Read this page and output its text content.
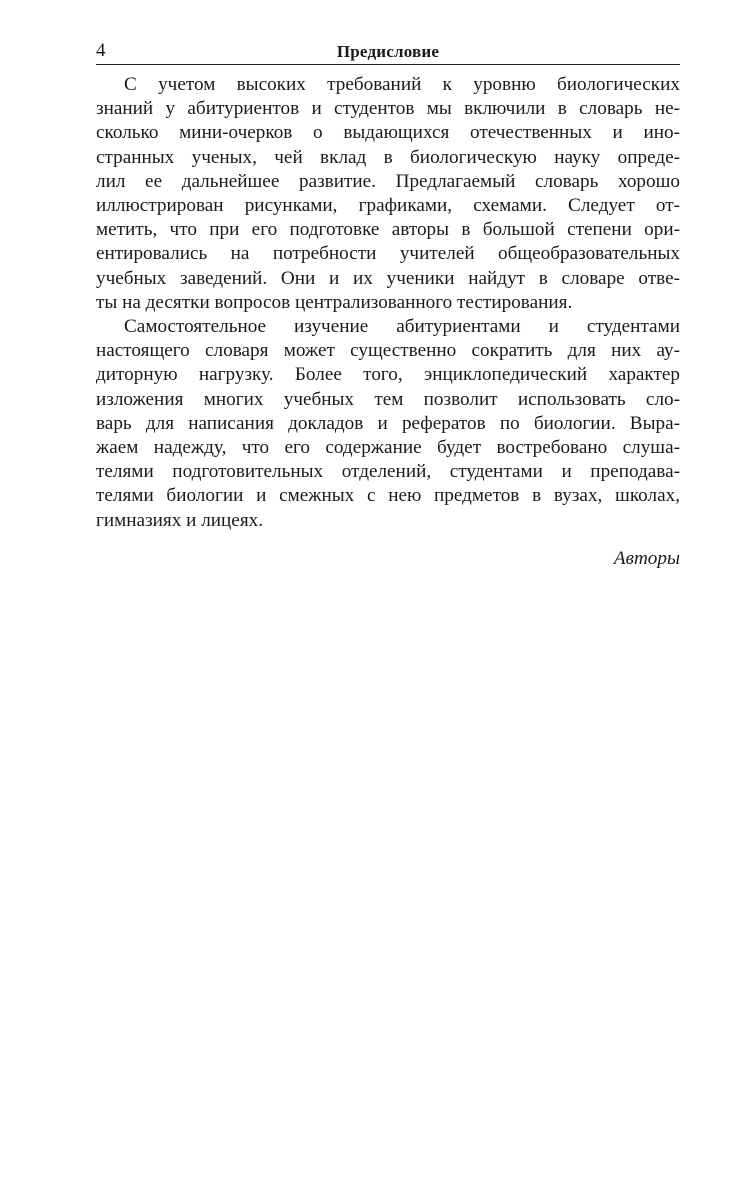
4	Предисловие

С учетом высоких требований к уровню биологических
знаний у абитуриентов и студентов мы включили в словарь не-
сколько мини-очерков о выдающихся отечественных и ино-
странных ученых, чей вклад в биологическую науку опреде-
лил ее дальнейшее развитие. Предлагаемый словарь хорошо
иллюстрирован рисунками, графиками, схемами. Следует от-
метить, что при его подготовке авторы в большой степени ори-
ентировались на потребности учителей общеобразовательных
учебных заведений. Они и их ученики найдут в словаре отве-
ты на десятки вопросов централизованного тестирования.

Самостоятельное изучение абитуриентами и студентами
настоящего словаря может существенно сократить для них ау-
диторную нагрузку. Более того, энциклопедический характер
изложения многих учебных тем позволит использовать сло-
варь для написания докладов и рефератов по биологии. Выра-
жаем надежду, что его содержание будет востребовано слуша-
телями подготовительных отделений, студентами и преподава-
телями биологии и смежных с нею предметов в вузах, школах,
гимназиях и лицеях.

Авторы
